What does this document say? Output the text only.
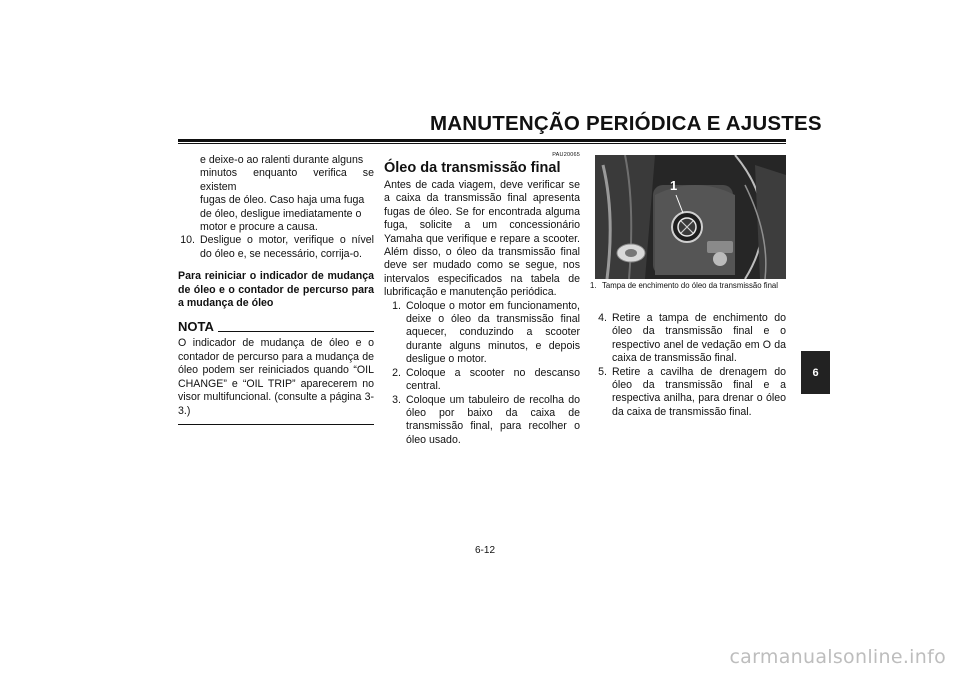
MANUTENÇÃO PERIÓDICA E AJUSTES
e deixe-o ao ralenti durante alguns
minutos enquanto verifica se existem
fugas de óleo. Caso haja uma fuga
de óleo, desligue imediatamente o
motor e procure a causa.
10. Desligue o motor, verifique o nível do óleo e, se necessário, corrija-o.

Para reiniciar o indicador de mudança de óleo e o contador de percurso para a mudança de óleo

NOTA

O indicador de mudança de óleo e o contador de percurso para a mudança de óleo podem ser reiniciados quando “OIL CHANGE” e “OIL TRIP” aparecerem no visor multifuncional. (consulte a página 3-3.)

PAU20065
Óleo da transmissão final

Antes de cada viagem, deve verificar se a caixa da transmissão final apresenta fugas de óleo. Se for encontrada alguma fuga, solicite a um concessionário Yamaha que verifique e repare a scooter. Além disso, o óleo da transmissão final deve ser mudado como se segue, nos intervalos especificados na tabela de lubrificação e manutenção periódica.

1. Coloque o motor em funcionamento, deixe o óleo da transmissão final aquecer, conduzindo a scooter durante alguns minutos, e depois desligue o motor.
2. Coloque a scooter no descanso central.
3. Coloque um tabuleiro de recolha do óleo por baixo da caixa de transmissão final, para recolher o óleo usado.
1
1. Tampa de enchimento do óleo da transmissão final
4. Retire a tampa de enchimento do óleo da transmissão final e o respectivo anel de vedação em O da caixa de transmissão final.
5. Retire a cavilha de drenagem do óleo da transmissão final e a respectiva anilha, para drenar o óleo da caixa de transmissão final.
6
6-12
carmanualsonline.info
